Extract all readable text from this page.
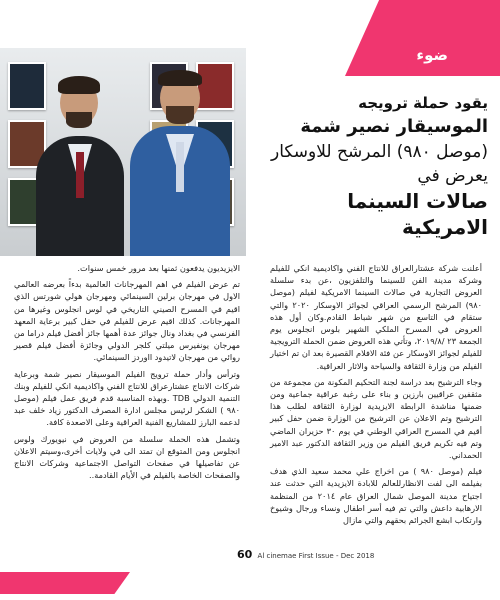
ضوء
يقود حملة ترويجه
الموسيقار نصير شمة
(موصل ٩٨٠) المرشح للاوسكار يعرض في
صالات السينما الامريكية

أعلنت شركة عشتارالعراق للانتاج الفني واكاديمية انكي للفيلم وشركة مدينة الفن للسينما والتلفزيون ،عن بدء سلسلة العروض التجارية في صالات السينما الامريكية لفيلم (موصل ٩٨٠) المرشح الرسمي العراقي لجوائز الاوسكار ٢٠٢٠ والتي ستقام في التاسع من شهر شباط القادم.وكان أول هذه العروض في المسرح الملكي الشهير بلوس انجلوس يوم الجمعة ٢٣ /٢٠١٩/٨، وتأتي هذه العروض ضمن الحملة الترويجية للفيلم لجوائز الاوسكار عن فئة الافلام القصيرة بعد ان تم اختيار الفيلم من وزارة الثقافة والسياحة والاثار العراقية.

وجاء الترشيح بعد دراسة لجنة التحكيم المكونة من مجموعة من مثقفين عراقيين بارزين و بناء على رغبة عراقية جماعية ومن ضمنها مناشدة الرابطة الايزيدية لوزارة الثقافة لطلب هذا الترشيح وتم الاعلان عن الترشيح من الوزارة ضمن حفل كبير أقيم في المسرح العراقي الوطني في يوم ٣٠ حزيران الماضي وتم فيه تكريم فريق الفيلم من وزير الثقافة الدكتور عبد الامير الحمداني.

فيلم (موصل ٩٨٠ ) من اخراج علي محمد سعيد الذي هدف بفيلمه الى لفت الانظارللعالم للابادة الايزيدية التي حدثت عند اجتياح مدينة الموصل شمال العراق عام ٢٠١٤ من المنظمة الارهابية داعش والتي تم فيه أسر اطفال ونساء ورجال وشيوخ وارتكاب ابشع الجرائم بحقهم والتي مازال

الايزيديون يدفعون ثمنها بعد مرور خمس سنوات.

تم عرض الفيلم في اهم المهرجانات العالمية بدءاً بعرضه العالمي الاول في مهرجان برلين السينمائي ومهرجان هولي شورتس الذي اقيم في المسرح الصيني التاريخي في لوس انجلوس وغيرها من المهرجانات. كذلك اقيم عرض للفيلم في حفل كبير برعاية المعهد الفرنسي في بغداد ونال جوائز عدة أهمها جائز أفضل فيلم دراما من مهرجان يونفيرس ميلتي كلجر الدولي وجائزة أفضل فيلم قصير روائي من مهرجان لاتيدود ااوردز السينمائي.

وترأس وأدار حملة ترويج الفيلم الموسيقار نصير شمة وبرعاية شركات الانتاج عشتارعراق للانتاج الفني واكاديمية انكي للفيلم وبنك التنمية الدولي TDB .وبهذه المناسبة قدم فريق عمل فيلم (موصل ٩٨٠ ) الشكر لرئيس مجلس ادارة المصرف الدكتور زياد خلف عبد لدعمه البارز للمشاريع الفنية العراقية وعلى الاصعدة كافة.

وتشمل هذه الحملة سلسلة من العروض في نيويورك ولوس انجلوس ومن المتوقع ان تمتد الى في ولايات أخرى،وسيتم الاعلان عن تفاصيلها في صفحات التواصل الاجتماعية وشركات الانتاج والصفحات الخاصة بالفيلم في الأيام القادمة..

60 Al cinemae First Issue - Dec 2018
